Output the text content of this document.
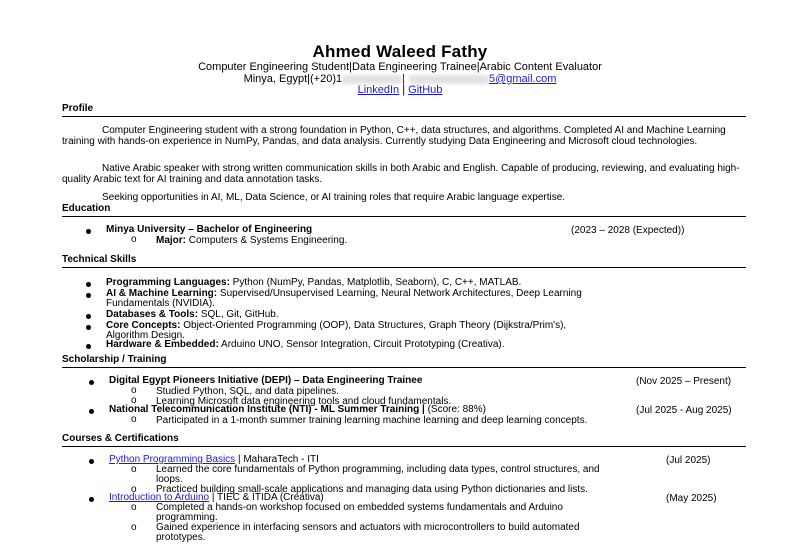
Ahmed Waleed Fathy
Computer Engineering Student|Data Engineering Trainee|Arabic Content Evaluator
Minya, Egypt|(+20)1	|	5@gmail.com
LinkedIn | GitHub
Profile
Computer Engineering student with a strong foundation in Python, C++, data structures, and algorithms. Completed AI and Machine Learning training with hands-on experience in NumPy, Pandas, and data analysis. Currently studying Data Engineering and Microsoft cloud technologies.
Native Arabic speaker with strong written communication skills in both Arabic and English. Capable of producing, reviewing, and evaluating high-quality Arabic text for AI training and data annotation tasks.
Seeking opportunities in AI, ML, Data Science, or AI training roles that require Arabic language expertise.
Education
Minya University – Bachelor of Engineering	(2023 – 2028 (Expected))
o Major: Computers & Systems Engineering.
Technical Skills
Programming Languages: Python (NumPy, Pandas, Matplotlib, Seaborn), C, C++, MATLAB.
AI & Machine Learning: Supervised/Unsupervised Learning, Neural Network Architectures, Deep Learning
Fundamentals (NVIDIA).
Databases & Tools: SQL, Git, GitHub.
Core Concepts: Object-Oriented Programming (OOP), Data Structures, Graph Theory (Dijkstra/Prim's),
Algorithm Design.
Hardware & Embedded: Arduino UNO, Sensor Integration, Circuit Prototyping (Creativa).
Scholarship / Training
Digital Egypt Pioneers Initiative (DEPI) – Data Engineering Trainee	(Nov 2025 – Present)
o Studied Python, SQL, and data pipelines.
o Learning Microsoft data engineering tools and cloud fundamentals.
National Telecommunication Institute (NTI) - ML Summer Training | (Score: 88%)	(Jul 2025 - Aug 2025)
o Participated in a 1-month summer training learning machine learning and deep learning concepts.
Courses & Certifications
Python Programming Basics | MaharaTech - ITI	(Jul 2025)
o Learned the core fundamentals of Python programming, including data types, control structures, and
loops.
o Practiced building small-scale applications and managing data using Python dictionaries and lists.
Introduction to Arduino | TIEC & ITIDA (Creativa)	(May 2025)
o Completed a hands-on workshop focused on embedded systems fundamentals and Arduino
programming.
o Gained experience in interfacing sensors and actuators with microcontrollers to build automated
prototypes.
